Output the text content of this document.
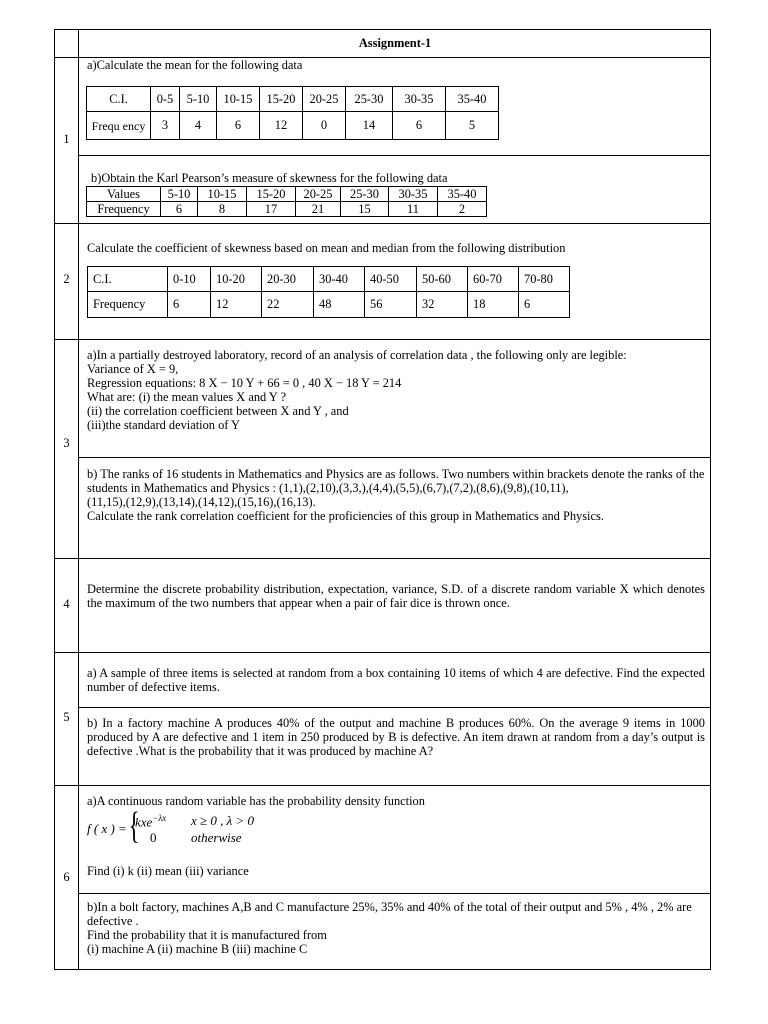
Assignment-1
1
a)Calculate the mean for the following data
C.I.	0-5	5-10	10-15	15-20	20-25	25-30	30-35	35-40
Frequ ency	3	4	6	12	0	14	6	5
b)Obtain the Karl Pearson’s measure of skewness for the following data
Values	5-10	10-15	15-20	20-25	25-30	30-35	35-40
Frequency	6	8	17	21	15	11	2
2
Calculate the coefficient of skewness based on mean and median from the following distribution
C.I.	0-10	10-20	20-30	30-40	40-50	50-60	60-70	70-80
Frequency	6	12	22	48	56	32	18	6
3
a)In a partially destroyed laboratory, record of an analysis of correlation data , the following only are legible:
Variance of X = 9,
Regression equations: 8 X − 10 Y + 66 = 0 , 40 X − 18 Y = 214
What are: (i) the mean values X and Y ?
(ii) the correlation coefficient between X and Y , and
(iii)the standard deviation of Y
b) The ranks of 16 students in Mathematics and Physics are as follows. Two numbers within brackets denote the ranks of the students in Mathematics and Physics : (1,1),(2,10),(3,3,),(4,4),(5,5),(6,7),(7,2),(8,6),(9,8),(10,11),
(11,15),(12,9),(13,14),(14,12),(15,16),(16,13).
Calculate the rank correlation coefficient for the proficiencies of this group in Mathematics and Physics.
4
Determine the discrete probability distribution, expectation, variance, S.D. of a discrete random variable X which denotes the maximum of the two numbers that appear when a pair of fair dice is thrown once.
5
a) A sample of three items is selected at random from a box containing 10 items of which 4 are defective. Find the expected number of defective items.
b) In a factory machine A produces 40% of the output and machine B produces 60%. On the average 9 items in 1000 produced by A are defective and 1 item in 250 produced by B is defective. An item drawn at random from a day’s output is defective .What is the probability that it was produced by machine A?
6
a)A continuous random variable has the probability density function
f ( x ) = {
kxe$^{-\lambda x}$ x ≥ 0 , λ > 0
0	otherwise
Find (i) k (ii) mean (iii) variance
b)In a bolt factory, machines A,B and C manufacture 25%, 35% and 40% of the total of their output and 5% , 4% , 2% are defective .
Find the probability that it is manufactured from
(i) machine A (ii) machine B (iii) machine C
